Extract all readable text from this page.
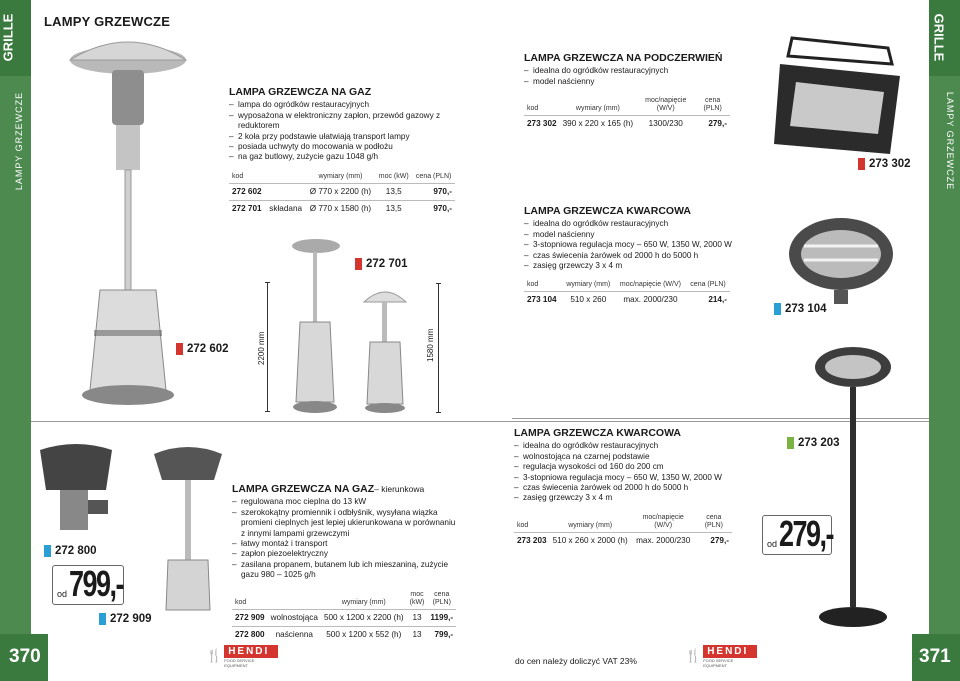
GRILLE
LAMPY GRZEWCZE
370
GRILLE
LAMPY GRZEWCZE
371
LAMPY GRZEWCZE
2200 mm	1580 mm
LAMPA GRZEWCZA NA GAZ
– lampa do ogródków restauracyjnych
– wyposażona w elektroniczny zapłon, przewód gazowy z reduktorem
– 2 koła przy podstawie ułatwiają transport lampy
– posiada uchwyty do mocowania w podłożu
– na gaz butlowy, zużycie gazu 1048 g/h
kod		wymiary (mm)	moc (kW)	cena (PLN)
272 602		Ø 770 x 2200 (h)	13,5	970,-
272 701	składana	Ø 770 x 1580 (h)	13,5	970,-
272 602
272 701
LAMPA GRZEWCZA NA GAZ– kierunkowa
– regulowana moc cieplna do 13 kW
– szerokokątny promiennik i odbłyśnik, wysyłana wiązka promieni cieplnych jest lepiej ukierunkowana w porównaniu z innymi lampami grzewczymi
– łatwy montaż i transport
– zapłon piezoelektryczny
– zasilana propanem, butanem lub ich mieszaniną, zużycie gazu 980 – 1025 g/h
kod		wymiary (mm)	moc (kW)	cena (PLN)
272 909	wolnostojąca	500 x 1200 x 2200 (h)	13	1199,-
272 800	naścienna	500 x 1200 x 552 (h)	13	799,-
272 800
272 909
od 799,-
LAMPA GRZEWCZA NA PODCZERWIEŃ
– idealna do ogródków restauracyjnych
– model naścienny
kod	wymiary (mm)	moc/napięcie (W/V)	cena (PLN)
273 302	390 x 220 x 165 (h)	1300/230	279,-
273 302
LAMPA GRZEWCZA KWARCOWA
– idealna do ogródków restauracyjnych
– model naścienny
– 3-stopniowa regulacja mocy – 650 W, 1350 W, 2000 W
– czas świecenia żarówek od 2000 h do 5000 h
– zasięg grzewczy 3 x 4 m
kod	wymiary (mm)	moc/napięcie (W/V)	cena (PLN)
273 104	510 x 260	max. 2000/230	214,-
273 104
LAMPA GRZEWCZA KWARCOWA
– idealna do ogródków restauracyjnych
– wolnostojąca na czarnej podstawie
– regulacja wysokości od 160 do 200 cm
– 3-stopniowa regulacja mocy – 650 W, 1350 W, 2000 W
– czas świecenia żarówek od 2000 h do 5000 h
– zasięg grzewczy 3 x 4 m
kod	wymiary (mm)	moc/napięcie (W/V)	cena (PLN)
273 203	510 x 260 x 2000 (h)	max. 2000/230	279,-
273 203
od 279,-
🍴 HENDI
FOOD SERVICE EQUIPMENT
🍴 HENDI
FOOD SERVICE EQUIPMENT
do cen należy doliczyć VAT 23%
